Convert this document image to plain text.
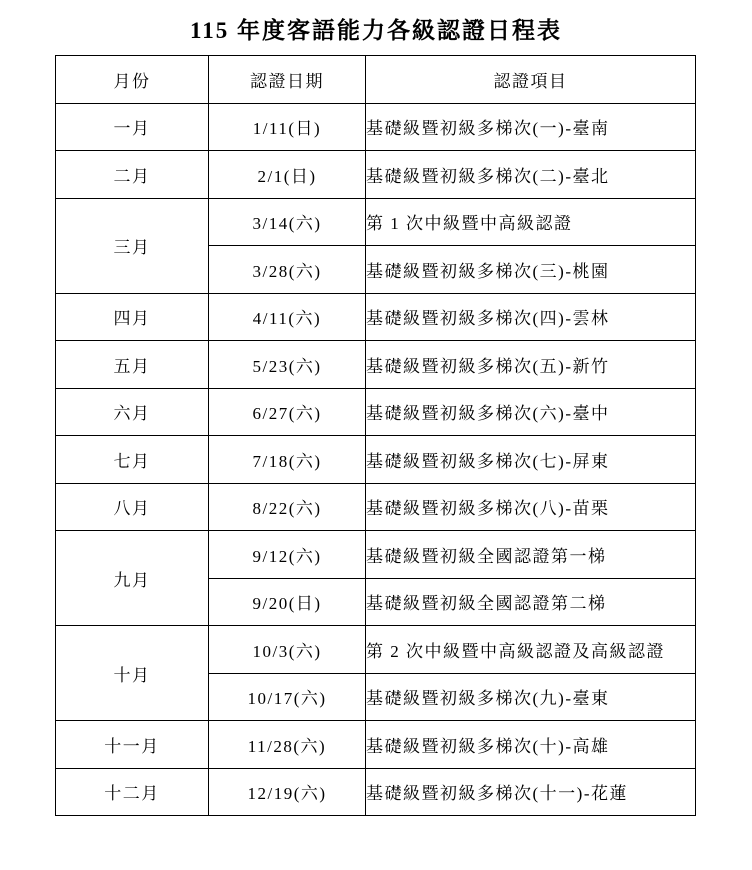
115 年度客語能力各級認證日程表
月份	認證日期	認證項目
一月	1/11(日)	基礎級暨初級多梯次(一)-臺南
二月	2/1(日)	基礎級暨初級多梯次(二)-臺北
三月	3/14(六)	第 1 次中級暨中高級認證
	3/28(六)	基礎級暨初級多梯次(三)-桃園
四月	4/11(六)	基礎級暨初級多梯次(四)-雲林
五月	5/23(六)	基礎級暨初級多梯次(五)-新竹
六月	6/27(六)	基礎級暨初級多梯次(六)-臺中
七月	7/18(六)	基礎級暨初級多梯次(七)-屏東
八月	8/22(六)	基礎級暨初級多梯次(八)-苗栗
九月	9/12(六)	基礎級暨初級全國認證第一梯
	9/20(日)	基礎級暨初級全國認證第二梯
十月	10/3(六)	第 2 次中級暨中高級認證及高級認證
	10/17(六)	基礎級暨初級多梯次(九)-臺東
十一月	11/28(六)	基礎級暨初級多梯次(十)-高雄
十二月	12/19(六)	基礎級暨初級多梯次(十一)-花蓮
